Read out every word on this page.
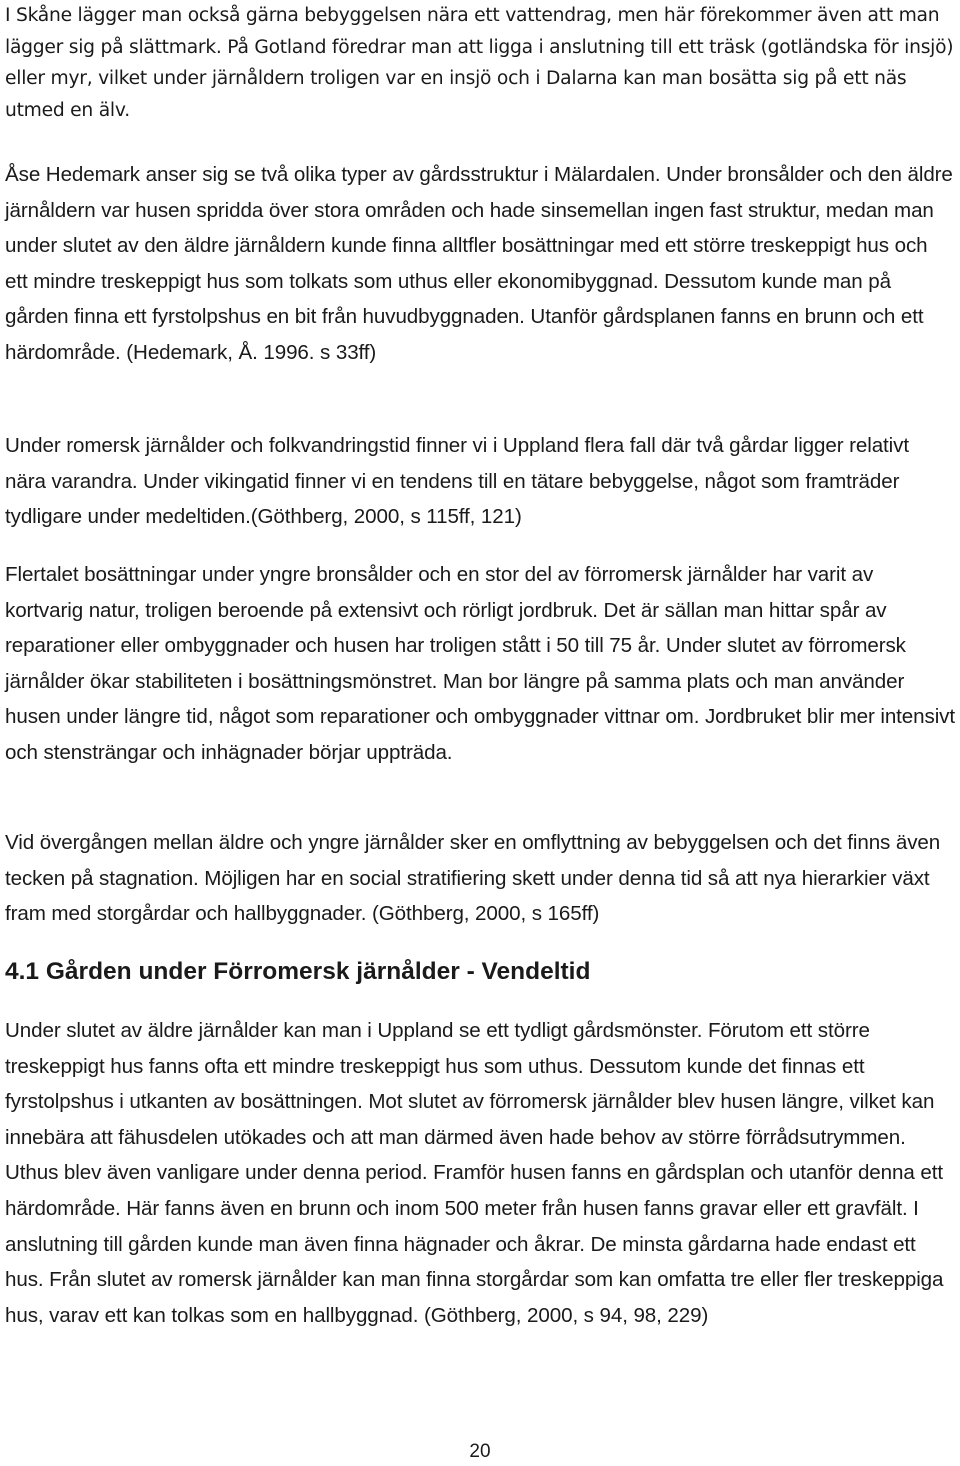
I Skåne lägger man också gärna bebyggelsen nära ett vattendrag, men här förekommer även att man lägger sig på slättmark. På Gotland föredrar man att ligga i anslutning till ett träsk (gotländska för insjö) eller myr, vilket under järnåldern troligen var en insjö och i Dalarna kan man bosätta sig på ett näs utmed en älv.

Åse Hedemark anser sig se två olika typer av gårdsstruktur i Mälardalen. Under bronsålder och den äldre järnåldern var husen spridda över stora områden och hade sinsemellan ingen fast struktur, medan man under slutet av den äldre järnåldern kunde finna alltfler bosättningar med ett större treskeppigt hus och ett mindre treskeppigt hus som tolkats som uthus eller ekonomibyggnad. Dessutom kunde man på gården finna ett fyrstolpshus en bit från huvudbyggnaden. Utanför gårdsplanen fanns en brunn och ett härdområde. (Hedemark, Å. 1996. s 33ff)

Under romersk järnålder och folkvandringstid finner vi i Uppland flera fall där två gårdar ligger relativt nära varandra. Under vikingatid finner vi en tendens till en tätare bebyggelse, något som framträder tydligare under medeltiden.(Göthberg, 2000, s 115ff, 121)

Flertalet bosättningar under yngre bronsålder och en stor del av förromersk järnålder har varit av kortvarig natur, troligen beroende på extensivt och rörligt jordbruk. Det är sällan man hittar spår av reparationer eller ombyggnader och husen har troligen stått i 50 till 75 år. Under slutet av förromersk järnålder ökar stabiliteten i bosättningsmönstret. Man bor längre på samma plats och man använder husen under längre tid, något som reparationer och ombyggnader vittnar om. Jordbruket blir mer intensivt och stensträngar och inhägnader börjar uppträda.

Vid övergången mellan äldre och yngre järnålder sker en omflyttning av bebyggelsen och det finns även tecken på stagnation. Möjligen har en social stratifiering skett under denna tid så att nya hierarkier växt fram med storgårdar och hallbyggnader. (Göthberg, 2000, s 165ff)

4.1 Gården under Förromersk järnålder - Vendeltid

Under slutet av äldre järnålder kan man i Uppland se ett tydligt gårdsmönster. Förutom ett större treskeppigt hus fanns ofta ett mindre treskeppigt hus som uthus. Dessutom kunde det finnas ett fyrstolpshus i utkanten av bosättningen. Mot slutet av förromersk järnålder blev husen längre, vilket kan innebära att fähusdelen utökades och att man därmed även hade behov av större förrådsutrymmen. Uthus blev även vanligare under denna period. Framför husen fanns en gårdsplan och utanför denna ett härdområde. Här fanns även en brunn och inom 500 meter från husen fanns gravar eller ett gravfält. I anslutning till gården kunde man även finna hägnader och åkrar. De minsta gårdarna hade endast ett hus. Från slutet av romersk järnålder kan man finna storgårdar som kan omfatta tre eller fler treskeppiga hus, varav ett kan tolkas som en hallbyggnad. (Göthberg, 2000, s 94, 98, 229)

20
